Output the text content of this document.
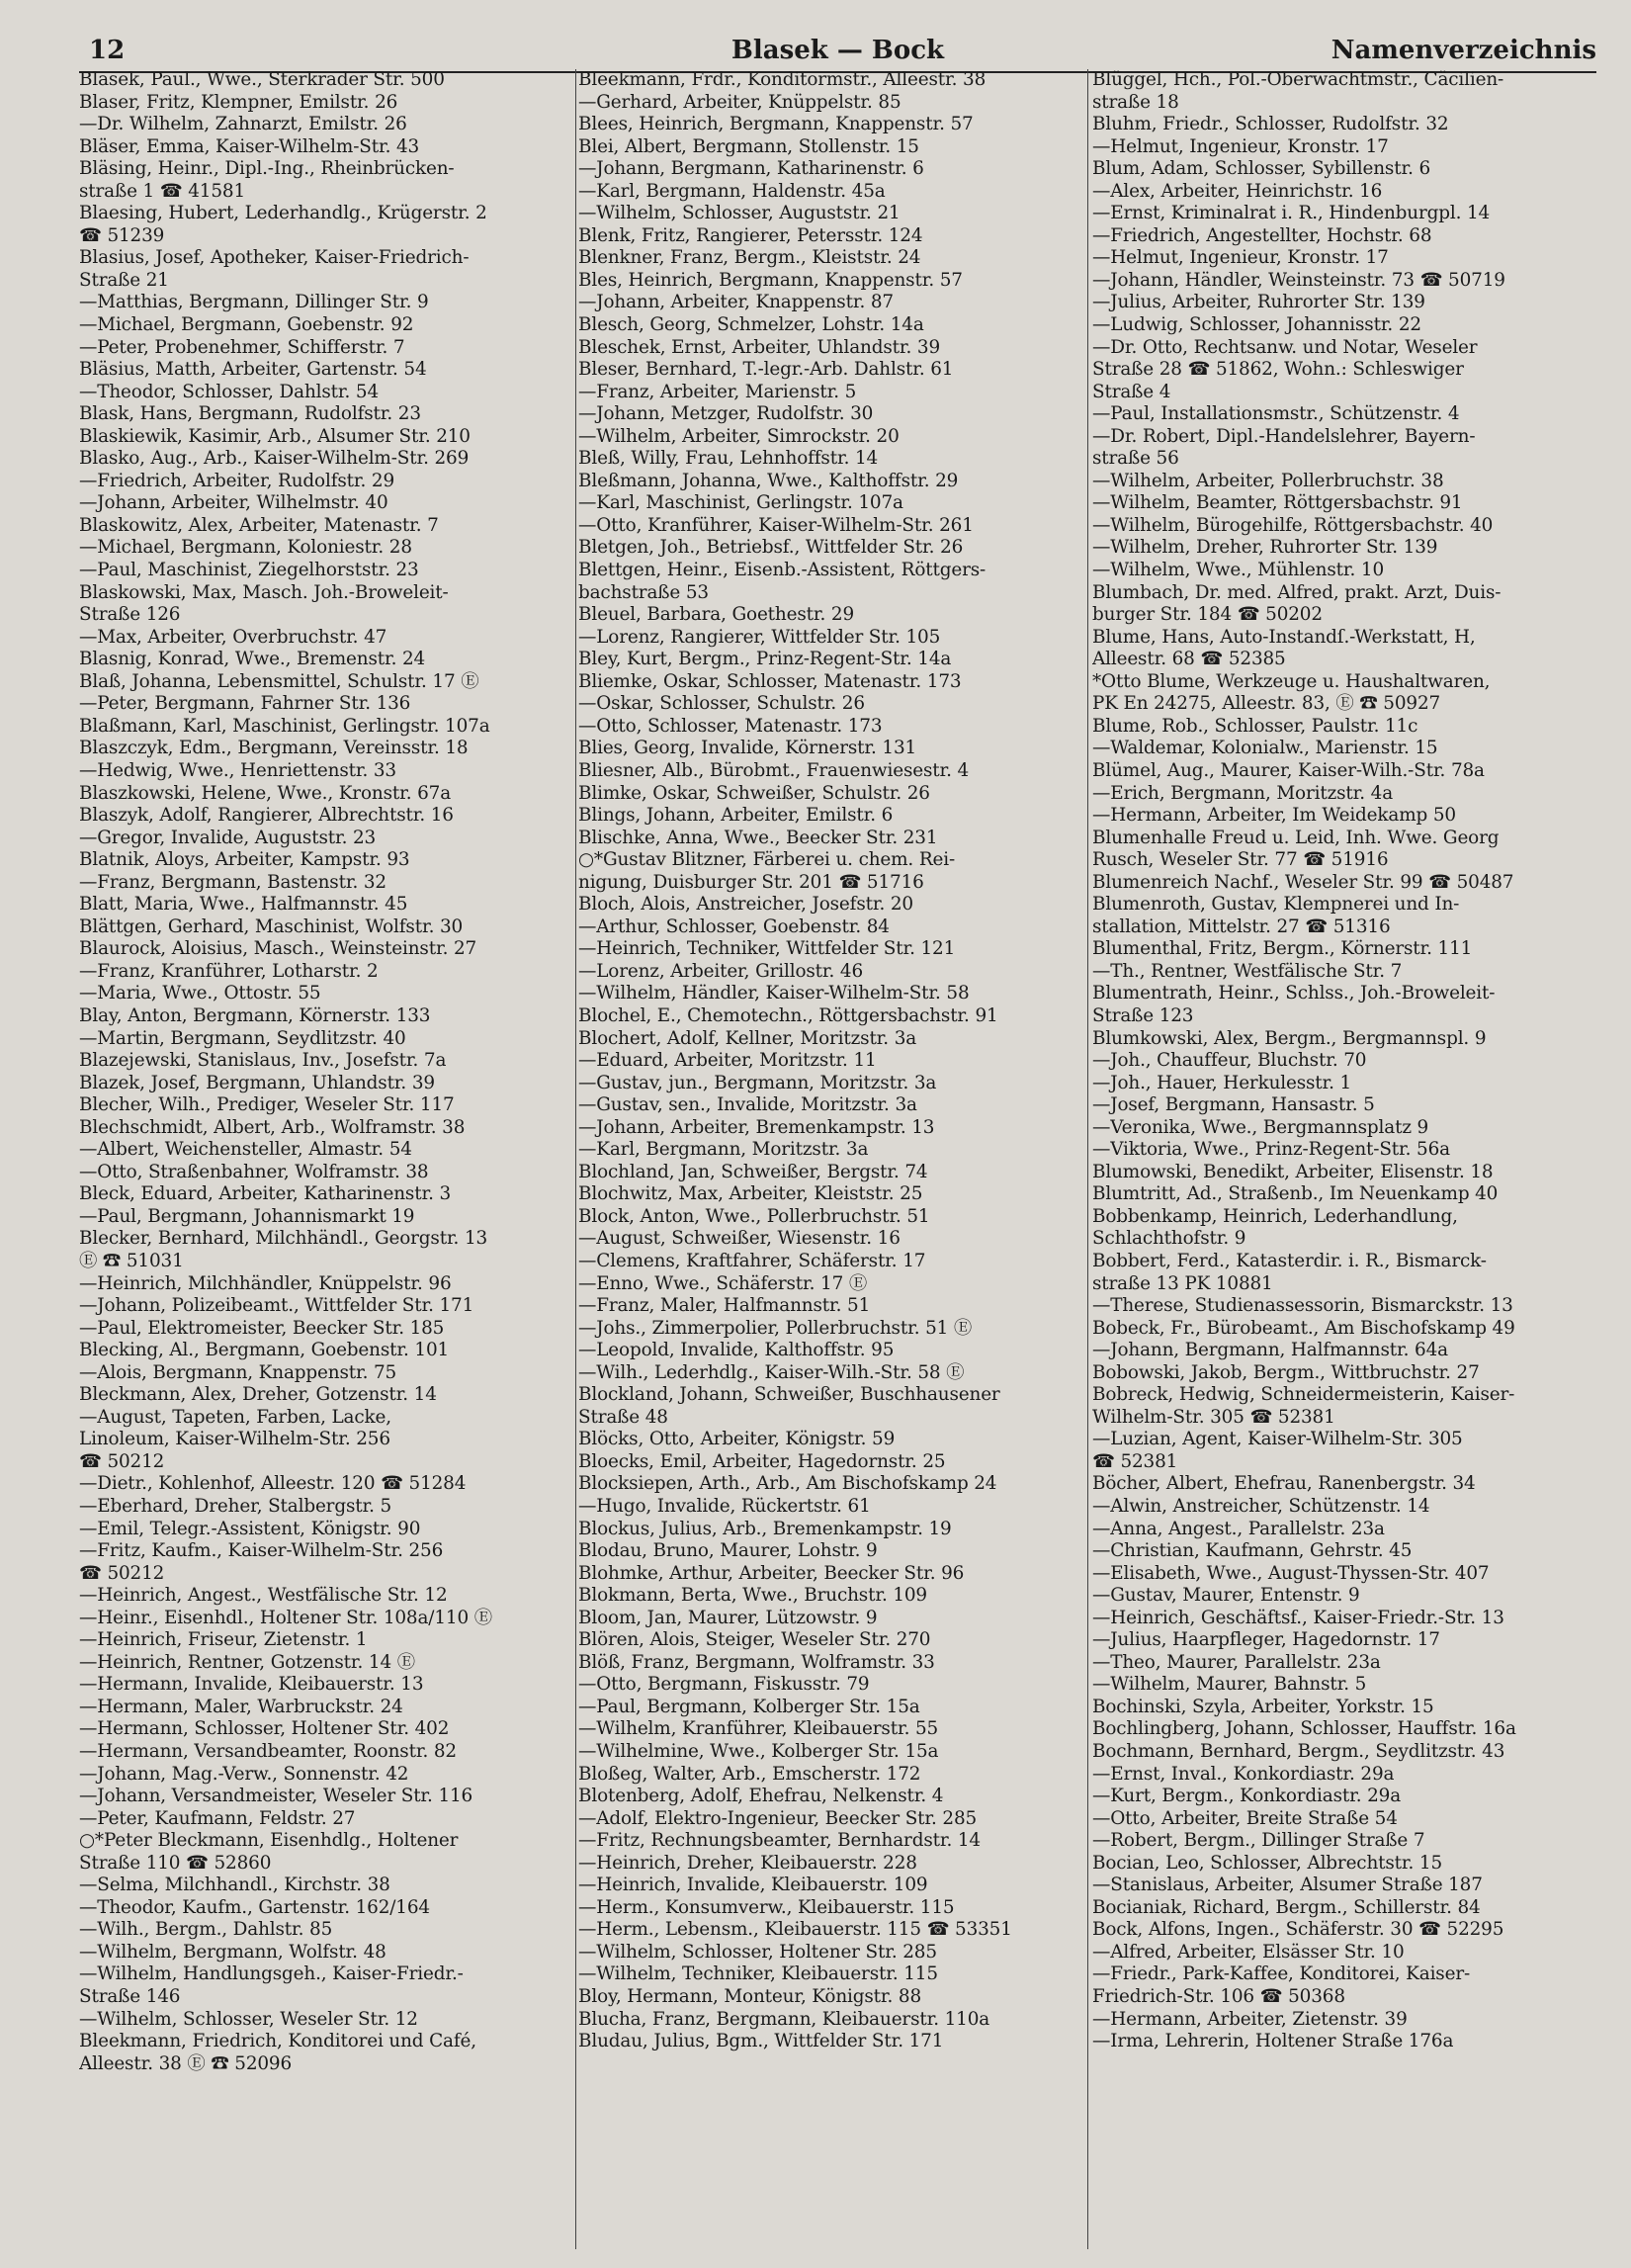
12	Blasek — Bock	Namenverzeichnis

Blasek, Paul., Wwe., Sterkrader Str. 500

Blaser, Fritz, Klempner, Emilstr. 26

—Dr. Wilhelm, Zahnarzt, Emilstr. 26

Bläser, Emma, Kaiser-Wilhelm-Str. 43

Bläsing, Heinr., Dipl.-Ing., Rheinbrücken-

straße 1 ☎ 41581

Blaesing, Hubert, Lederhandlg., Krügerstr. 2

☎ 51239

Blasius, Josef, Apotheker, Kaiser-Friedrich-

Straße 21

—Matthias, Bergmann, Dillinger Str. 9

—Michael, Bergmann, Goebenstr. 92

—Peter, Probenehmer, Schifferstr. 7

Bläsius, Matth, Arbeiter, Gartenstr. 54

—Theodor, Schlosser, Dahlstr. 54

Blask, Hans, Bergmann, Rudolfstr. 23

Blaskiewik, Kasimir, Arb., Alsumer Str. 210

Blasko, Aug., Arb., Kaiser-Wilhelm-Str. 269

—Friedrich, Arbeiter, Rudolfstr. 29

—Johann, Arbeiter, Wilhelmstr. 40

Blaskowitz, Alex, Arbeiter, Matenastr. 7

—Michael, Bergmann, Koloniestr. 28

—Paul, Maschinist, Ziegelhorststr. 23

Blaskowski, Max, Masch. Joh.-Broweleit-

Straße 126

—Max, Arbeiter, Overbruchstr. 47

Blasnig, Konrad, Wwe., Bremenstr. 24

Blaß, Johanna, Lebensmittel, Schulstr. 17 Ⓔ

—Peter, Bergmann, Fahrner Str. 136

Blaßmann, Karl, Maschinist, Gerlingstr. 107a

Blaszczyk, Edm., Bergmann, Vereinsstr. 18

—Hedwig, Wwe., Henriettenstr. 33

Blaszkowski, Helene, Wwe., Kronstr. 67a

Blaszyk, Adolf, Rangierer, Albrechtstr. 16

—Gregor, Invalide, Auguststr. 23

Blatnik, Aloys, Arbeiter, Kampstr. 93

—Franz, Bergmann, Bastenstr. 32

Blatt, Maria, Wwe., Halfmannstr. 45

Blättgen, Gerhard, Maschinist, Wolfstr. 30

Blaurock, Aloisius, Masch., Weinsteinstr. 27

—Franz, Kranführer, Lotharstr. 2

—Maria, Wwe., Ottostr. 55

Blay, Anton, Bergmann, Körnerstr. 133

—Martin, Bergmann, Seydlitzstr. 40

Blazejewski, Stanislaus, Inv., Josefstr. 7a

Blazek, Josef, Bergmann, Uhlandstr. 39

Blecher, Wilh., Prediger, Weseler Str. 117

Blechschmidt, Albert, Arb., Wolframstr. 38

—Albert, Weichensteller, Almastr. 54

—Otto, Straßenbahner, Wolframstr. 38

Bleck, Eduard, Arbeiter, Katharinenstr. 3

—Paul, Bergmann, Johannismarkt 19

Blecker, Bernhard, Milchhändl., Georgstr. 13

Ⓔ ☎ 51031

—Heinrich, Milchhändler, Knüppelstr. 96

—Johann, Polizeibeamt., Wittfelder Str. 171

—Paul, Elektromeister, Beecker Str. 185

Blecking, Al., Bergmann, Goebenstr. 101

—Alois, Bergmann, Knappenstr. 75

Bleckmann, Alex, Dreher, Gotzenstr. 14

—August, Tapeten, Farben, Lacke,

Linoleum, Kaiser-Wilhelm-Str. 256

☎ 50212

—Dietr., Kohlenhof, Alleestr. 120 ☎ 51284

—Eberhard, Dreher, Stalbergstr. 5

—Emil, Telegr.-Assistent, Königstr. 90

—Fritz, Kaufm., Kaiser-Wilhelm-Str. 256

☎ 50212

—Heinrich, Angest., Westfälische Str. 12

—Heinr., Eisenhdl., Holtener Str. 108a/110 Ⓔ

—Heinrich, Friseur, Zietenstr. 1

—Heinrich, Rentner, Gotzenstr. 14 Ⓔ

—Hermann, Invalide, Kleibauerstr. 13

—Hermann, Maler, Warbruckstr. 24

—Hermann, Schlosser, Holtener Str. 402

—Hermann, Versandbeamter, Roonstr. 82

—Johann, Mag.-Verw., Sonnenstr. 42

—Johann, Versandmeister, Weseler Str. 116

—Peter, Kaufmann, Feldstr. 27

○*Peter Bleckmann, Eisenhdlg., Holtener

Straße 110 ☎ 52860

—Selma, Milchhandl., Kirchstr. 38

—Theodor, Kaufm., Gartenstr. 162/164

—Wilh., Bergm., Dahlstr. 85

—Wilhelm, Bergmann, Wolfstr. 48

—Wilhelm, Handlungsgeh., Kaiser-Friedr.-

Straße 146

—Wilhelm, Schlosser, Weseler Str. 12

Bleekmann, Friedrich, Konditorei und Café,

Alleestr. 38 Ⓔ ☎ 52096

Bleekmann, Frdr., Konditormstr., Alleestr. 38

—Gerhard, Arbeiter, Knüppelstr. 85

Blees, Heinrich, Bergmann, Knappenstr. 57

Blei, Albert, Bergmann, Stollenstr. 15

—Johann, Bergmann, Katharinenstr. 6

—Karl, Bergmann, Haldenstr. 45a

—Wilhelm, Schlosser, Auguststr. 21

Blenk, Fritz, Rangierer, Petersstr. 124

Blenkner, Franz, Bergm., Kleiststr. 24

Bles, Heinrich, Bergmann, Knappenstr. 57

—Johann, Arbeiter, Knappenstr. 87

Blesch, Georg, Schmelzer, Lohstr. 14a

Bleschek, Ernst, Arbeiter, Uhlandstr. 39

Bleser, Bernhard, T.-legr.-Arb. Dahlstr. 61

—Franz, Arbeiter, Marienstr. 5

—Johann, Metzger, Rudolfstr. 30

—Wilhelm, Arbeiter, Simrockstr. 20

Bleß, Willy, Frau, Lehnhoffstr. 14

Bleßmann, Johanna, Wwe., Kalthoffstr. 29

—Karl, Maschinist, Gerlingstr. 107a

—Otto, Kranführer, Kaiser-Wilhelm-Str. 261

Bletgen, Joh., Betriebsf., Wittfelder Str. 26

Blettgen, Heinr., Eisenb.-Assistent, Röttgers-

bachstraße 53

Bleuel, Barbara, Goethestr. 29

—Lorenz, Rangierer, Wittfelder Str. 105

Bley, Kurt, Bergm., Prinz-Regent-Str. 14a

Bliemke, Oskar, Schlosser, Matenastr. 173

—Oskar, Schlosser, Schulstr. 26

—Otto, Schlosser, Matenastr. 173

Blies, Georg, Invalide, Körnerstr. 131

Bliesner, Alb., Bürobmt., Frauenwiesestr. 4

Blimke, Oskar, Schweißer, Schulstr. 26

Blings, Johann, Arbeiter, Emilstr. 6

Blischke, Anna, Wwe., Beecker Str. 231

○*Gustav Blitzner, Färberei u. chem. Rei-

nigung, Duisburger Str. 201 ☎ 51716

Bloch, Alois, Anstreicher, Josefstr. 20

—Arthur, Schlosser, Goebenstr. 84

—Heinrich, Techniker, Wittfelder Str. 121

—Lorenz, Arbeiter, Grillostr. 46

—Wilhelm, Händler, Kaiser-Wilhelm-Str. 58

Blochel, E., Chemotechn., Röttgersbachstr. 91

Blochert, Adolf, Kellner, Moritzstr. 3a

—Eduard, Arbeiter, Moritzstr. 11

—Gustav, jun., Bergmann, Moritzstr. 3a

—Gustav, sen., Invalide, Moritzstr. 3a

—Johann, Arbeiter, Bremenkampstr. 13

—Karl, Bergmann, Moritzstr. 3a

Blochland, Jan, Schweißer, Bergstr. 74

Blochwitz, Max, Arbeiter, Kleiststr. 25

Block, Anton, Wwe., Pollerbruchstr. 51

—August, Schweißer, Wiesenstr. 16

—Clemens, Kraftfahrer, Schäferstr. 17

—Enno, Wwe., Schäferstr. 17 Ⓔ

—Franz, Maler, Halfmannstr. 51

—Johs., Zimmerpolier, Pollerbruchstr. 51 Ⓔ

—Leopold, Invalide, Kalthoffstr. 95

—Wilh., Lederhdlg., Kaiser-Wilh.-Str. 58 Ⓔ

Blockland, Johann, Schweißer, Buschhausener

Straße 48

Blöcks, Otto, Arbeiter, Königstr. 59

Bloecks, Emil, Arbeiter, Hagedornstr. 25

Blocksiepen, Arth., Arb., Am Bischofskamp 24

—Hugo, Invalide, Rückertstr. 61

Blockus, Julius, Arb., Bremenkampstr. 19

Blodau, Bruno, Maurer, Lohstr. 9

Blohmke, Arthur, Arbeiter, Beecker Str. 96

Blokmann, Berta, Wwe., Bruchstr. 109

Bloom, Jan, Maurer, Lützowstr. 9

Blören, Alois, Steiger, Weseler Str. 270

Blöß, Franz, Bergmann, Wolframstr. 33

—Otto, Bergmann, Fiskusstr. 79

—Paul, Bergmann, Kolberger Str. 15a

—Wilhelm, Kranführer, Kleibauerstr. 55

—Wilhelmine, Wwe., Kolberger Str. 15a

Bloßeg, Walter, Arb., Emscherstr. 172

Blotenberg, Adolf, Ehefrau, Nelkenstr. 4

—Adolf, Elektro-Ingenieur, Beecker Str. 285

—Fritz, Rechnungsbeamter, Bernhardstr. 14

—Heinrich, Dreher, Kleibauerstr. 228

—Heinrich, Invalide, Kleibauerstr. 109

—Herm., Konsumverw., Kleibauerstr. 115

—Herm., Lebensm., Kleibauerstr. 115 ☎ 53351

—Wilhelm, Schlosser, Holtener Str. 285

—Wilhelm, Techniker, Kleibauerstr. 115

Bloy, Hermann, Monteur, Königstr. 88

Blucha, Franz, Bergmann, Kleibauerstr. 110a

Bludau, Julius, Bgm., Wittfelder Str. 171

Blüggel, Hch., Pol.-Oberwachtmstr., Cäcilien-

straße 18

Bluhm, Friedr., Schlosser, Rudolfstr. 32

—Helmut, Ingenieur, Kronstr. 17

Blum, Adam, Schlosser, Sybillenstr. 6

—Alex, Arbeiter, Heinrichstr. 16

—Ernst, Kriminalrat i. R., Hindenburgpl. 14

—Friedrich, Angestellter, Hochstr. 68

—Helmut, Ingenieur, Kronstr. 17

—Johann, Händler, Weinsteinstr. 73 ☎ 50719

—Julius, Arbeiter, Ruhrorter Str. 139

—Ludwig, Schlosser, Johannisstr. 22

—Dr. Otto, Rechtsanw. und Notar, Weseler

Straße 28 ☎ 51862, Wohn.: Schleswiger

Straße 4

—Paul, Installationsmstr., Schützenstr. 4

—Dr. Robert, Dipl.-Handelslehrer, Bayern-

straße 56

—Wilhelm, Arbeiter, Pollerbruchstr. 38

—Wilhelm, Beamter, Röttgersbachstr. 91

—Wilhelm, Bürogehilfe, Röttgersbachstr. 40

—Wilhelm, Dreher, Ruhrorter Str. 139

—Wilhelm, Wwe., Mühlenstr. 10

Blumbach, Dr. med. Alfred, prakt. Arzt, Duis-

burger Str. 184 ☎ 50202

Blume, Hans, Auto-Instandſ.-Werkstatt, H,

Alleestr. 68 ☎ 52385

*Otto Blume, Werkzeuge u. Haushaltwaren,

PK En 24275, Alleestr. 83, Ⓔ ☎ 50927

Blume, Rob., Schlosser, Paulstr. 11c

—Waldemar, Kolonialw., Marienstr. 15

Blümel, Aug., Maurer, Kaiser-Wilh.-Str. 78a

—Erich, Bergmann, Moritzstr. 4a

—Hermann, Arbeiter, Im Weidekamp 50

Blumenhalle Freud u. Leid, Inh. Wwe. Georg

Rusch, Weseler Str. 77 ☎ 51916

Blumenreich Nachf., Weseler Str. 99 ☎ 50487

Blumenroth, Gustav, Klempnerei und In-

stallation, Mittelstr. 27 ☎ 51316

Blumenthal, Fritz, Bergm., Körnerstr. 111

—Th., Rentner, Westfälische Str. 7

Blumentrath, Heinr., Schlss., Joh.-Broweleit-

Straße 123

Blumkowski, Alex, Bergm., Bergmannspl. 9

—Joh., Chauffeur, Bluchstr. 70

—Joh., Hauer, Herkulesstr. 1

—Josef, Bergmann, Hansastr. 5

—Veronika, Wwe., Bergmannsplatz 9

—Viktoria, Wwe., Prinz-Regent-Str. 56a

Blumowski, Benedikt, Arbeiter, Elisenstr. 18

Blumtritt, Ad., Straßenb., Im Neuenkamp 40

Bobbenkamp, Heinrich, Lederhandlung,

Schlachthofstr. 9

Bobbert, Ferd., Katasterdir. i. R., Bismarck-

straße 13 PK 10881

—Therese, Studienassessorin, Bismarckstr. 13

Bobeck, Fr., Bürobeamt., Am Bischofskamp 49

—Johann, Bergmann, Halfmannstr. 64a

Bobowski, Jakob, Bergm., Wittbruchstr. 27

Bobreck, Hedwig, Schneidermeisterin, Kaiser-

Wilhelm-Str. 305 ☎ 52381

—Luzian, Agent, Kaiser-Wilhelm-Str. 305

☎ 52381

Böcher, Albert, Ehefrau, Ranenbergstr. 34

—Alwin, Anstreicher, Schützenstr. 14

—Anna, Angest., Parallelstr. 23a

—Christian, Kaufmann, Gehrstr. 45

—Elisabeth, Wwe., August-Thyssen-Str. 407

—Gustav, Maurer, Entenstr. 9

—Heinrich, Geschäftsf., Kaiser-Friedr.-Str. 13

—Julius, Haarpfleger, Hagedornstr. 17

—Theo, Maurer, Parallelstr. 23a

—Wilhelm, Maurer, Bahnstr. 5

Bochinski, Szyla, Arbeiter, Yorkstr. 15

Bochlingberg, Johann, Schlosser, Hauffstr. 16a

Bochmann, Bernhard, Bergm., Seydlitzstr. 43

—Ernst, Inval., Konkordiastr. 29a

—Kurt, Bergm., Konkordiastr. 29a

—Otto, Arbeiter, Breite Straße 54

—Robert, Bergm., Dillinger Straße 7

Bocian, Leo, Schlosser, Albrechtstr. 15

—Stanislaus, Arbeiter, Alsumer Straße 187

Bocianiak, Richard, Bergm., Schillerstr. 84

Bock, Alfons, Ingen., Schäferstr. 30 ☎ 52295

—Alfred, Arbeiter, Elsässer Str. 10

—Friedr., Park-Kaffee, Konditorei, Kaiser-

Friedrich-Str. 106 ☎ 50368

—Hermann, Arbeiter, Zietenstr. 39

—Irma, Lehrerin, Holtener Straße 176a
